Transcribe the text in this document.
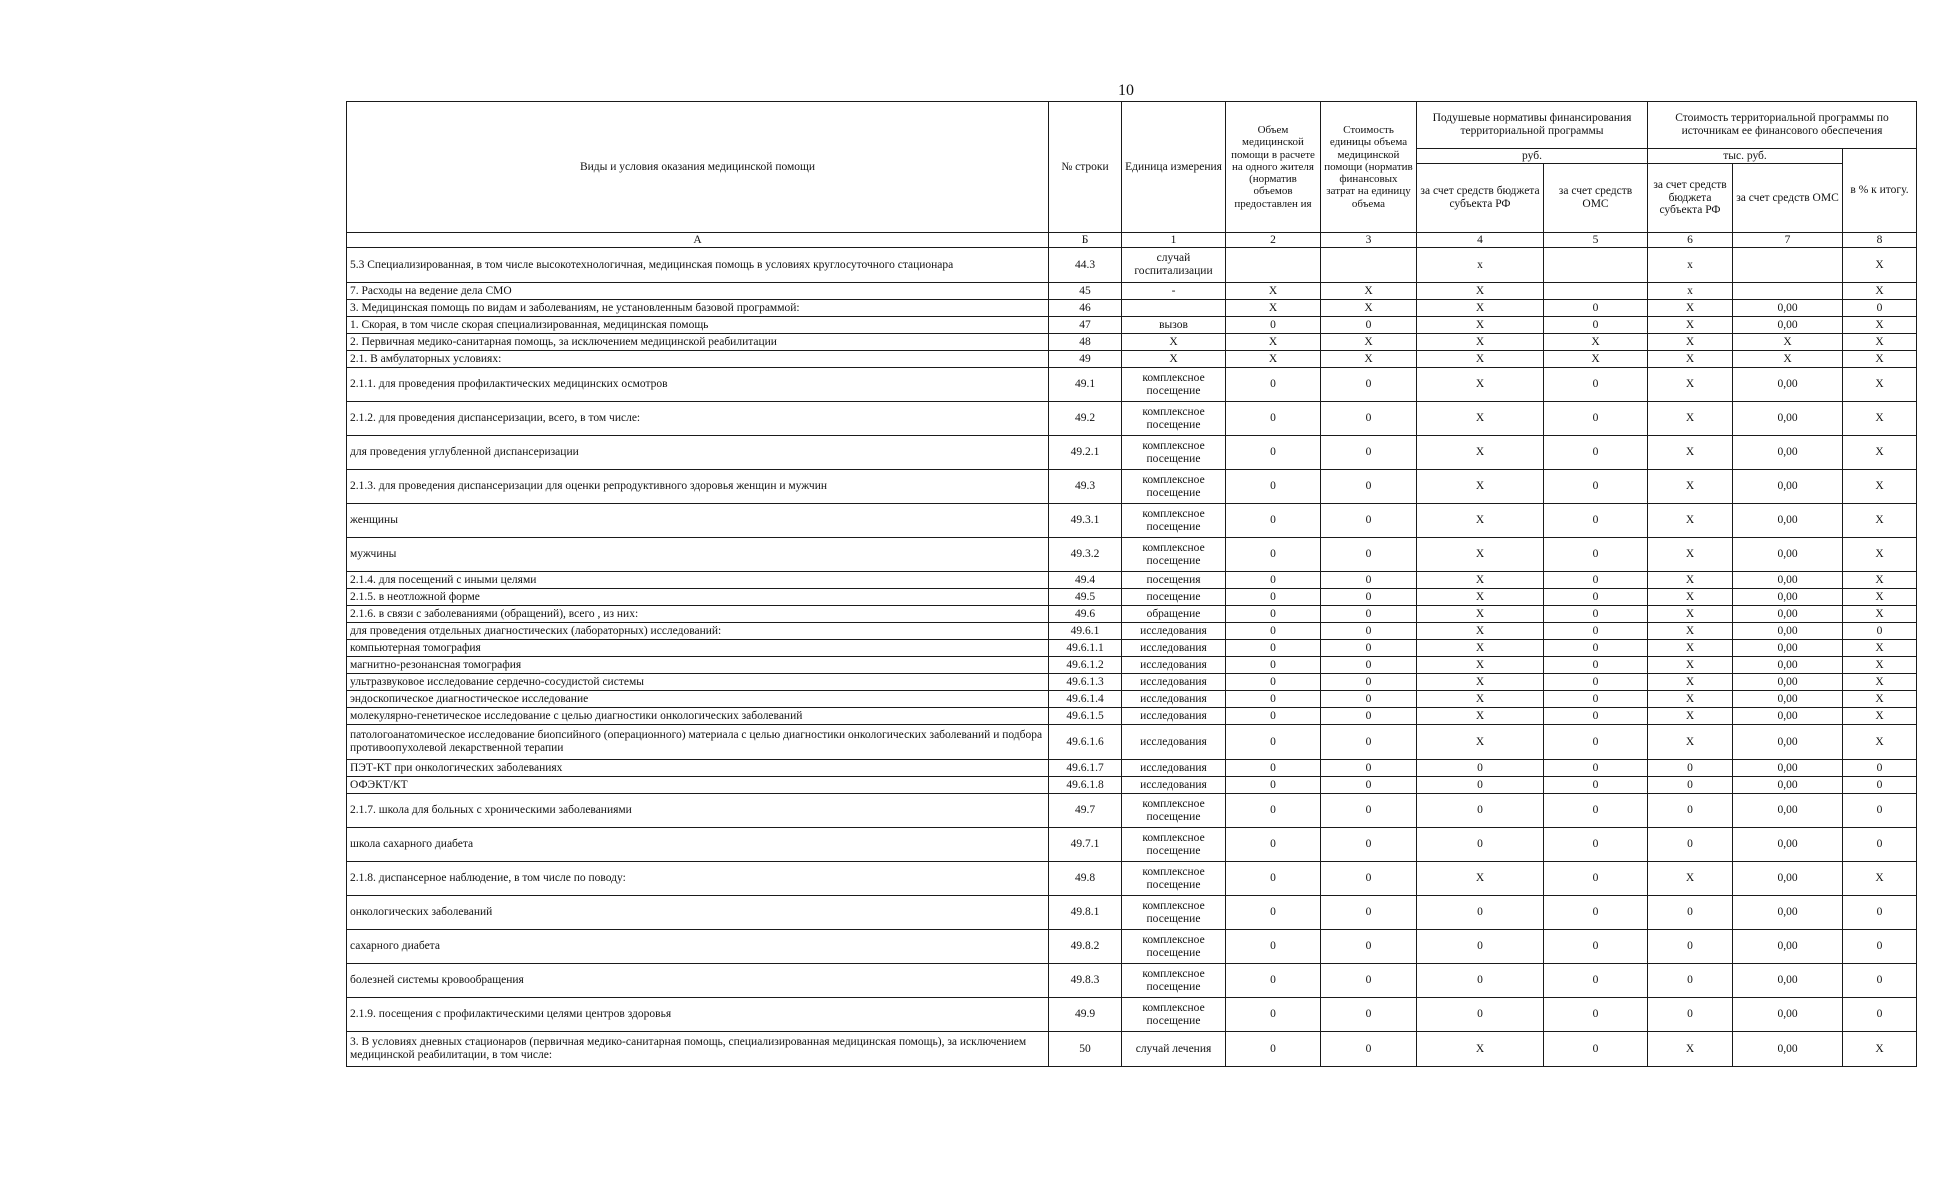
10
Виды и условия оказания медицинской помощи	№ строки	Единица измерения	Объем медицинской помощи в расчете на одного жителя (норматив объемов предоставлен ия	Стоимость единицы объема медицинской помощи (норматив финансовых затрат на единицу объема	Подушевые нормативы финансирования территориальной программы		Стоимость территориальной программы по источникам ее финансового обеспечения		
					руб.		тыс. руб.		в % к итогу.
					за счет средств бюджета субъекта РФ	за счет средств ОМС	за счет средств бюджета субъекта РФ	за счет средств ОМС	
А	Б	1	2	3	4	5	6	7	8
5.3 Специализированная, в том числе высокотехнологичная, медицинская помощь в условиях круглосуточного стационара	44.3	случай госпитализации			х		х		X
7. Расходы на ведение дела СМО	45	-	X	X	X		x		X
3. Медицинская помощь по видам и заболеваниям, не установленным базовой программой:	46		X	X	X	0	X	0,00	0
1. Скорая, в том числе скорая специализированная, медицинская помощь	47	вызов	0	0	X	0	X	0,00	X
2. Первичная медико-санитарная помощь, за исключением медицинской реабилитации	48	X	X	X	X	X	X	X	X
2.1. В амбулаторных условиях:	49	X	X	X	X	X	X	X	X
2.1.1. для проведения профилактических медицинских осмотров	49.1	комплексное посещение	0	0	X	0	X	0,00	X
2.1.2. для проведения диспансеризации, всего, в том числе:	49.2	комплексное посещение	0	0	X	0	X	0,00	X
для проведения углубленной диспансеризации	49.2.1	комплексное посещение	0	0	X	0	X	0,00	X
2.1.3. для проведения диспансеризации для оценки репродуктивного здоровья женщин и мужчин	49.3	комплексное посещение	0	0	X	0	X	0,00	X
женщины	49.3.1	комплексное посещение	0	0	X	0	X	0,00	X
мужчины	49.3.2	комплексное посещение	0	0	X	0	X	0,00	X
2.1.4. для посещений с иными целями	49.4	посещения	0	0	X	0	X	0,00	X
2.1.5. в неотложной форме	49.5	посещение	0	0	X	0	X	0,00	X
2.1.6. в связи с заболеваниями (обращений), всего , из них:	49.6	обращение	0	0	X	0	X	0,00	X
для проведения отдельных диагностических (лабораторных) исследований:	49.6.1	исследования	0	0	X	0	X	0,00	0
компьютерная томография	49.6.1.1	исследования	0	0	X	0	X	0,00	X
магнитно-резонансная томография	49.6.1.2	исследования	0	0	X	0	X	0,00	X
ультразвуковое исследование сердечно-сосудистой системы	49.6.1.3	исследования	0	0	X	0	X	0,00	X
эндоскопическое диагностическое исследование	49.6.1.4	исследования	0	0	X	0	X	0,00	X
молекулярно-генетическое исследование с целью диагностики онкологических заболеваний	49.6.1.5	исследования	0	0	X	0	X	0,00	X
патологоанатомическое исследование биопсийного (операционного) материала с целью диагностики онкологических заболеваний и подбора противоопухолевой лекарственной терапии	49.6.1.6	исследования	0	0	X	0	X	0,00	X
ПЭТ-КТ при онкологических заболеваниях	49.6.1.7	исследования	0	0	0	0	0	0,00	0
ОФЭКТ/КТ	49.6.1.8	исследования	0	0	0	0	0	0,00	0
2.1.7. школа для больных с хроническими заболеваниями	49.7	комплексное посещение	0	0	0	0	0	0,00	0
школа сахарного диабета	49.7.1	комплексное посещение	0	0	0	0	0	0,00	0
2.1.8. диспансерное наблюдение, в том числе по поводу:	49.8	комплексное посещение	0	0	X	0	X	0,00	X
онкологических заболеваний	49.8.1	комплексное посещение	0	0	0	0	0	0,00	0
сахарного диабета	49.8.2	комплексное посещение	0	0	0	0	0	0,00	0
болезней системы кровообращения	49.8.3	комплексное посещение	0	0	0	0	0	0,00	0
2.1.9. посещения с профилактическими целями центров здоровья	49.9	комплексное посещение	0	0	0	0	0	0,00	0
3. В условиях дневных стационаров (первичная медико-санитарная помощь, специализированная медицинская помощь), за исключением медицинской реабилитации, в том числе:	50	случай лечения	0	0	X	0	X	0,00	X
